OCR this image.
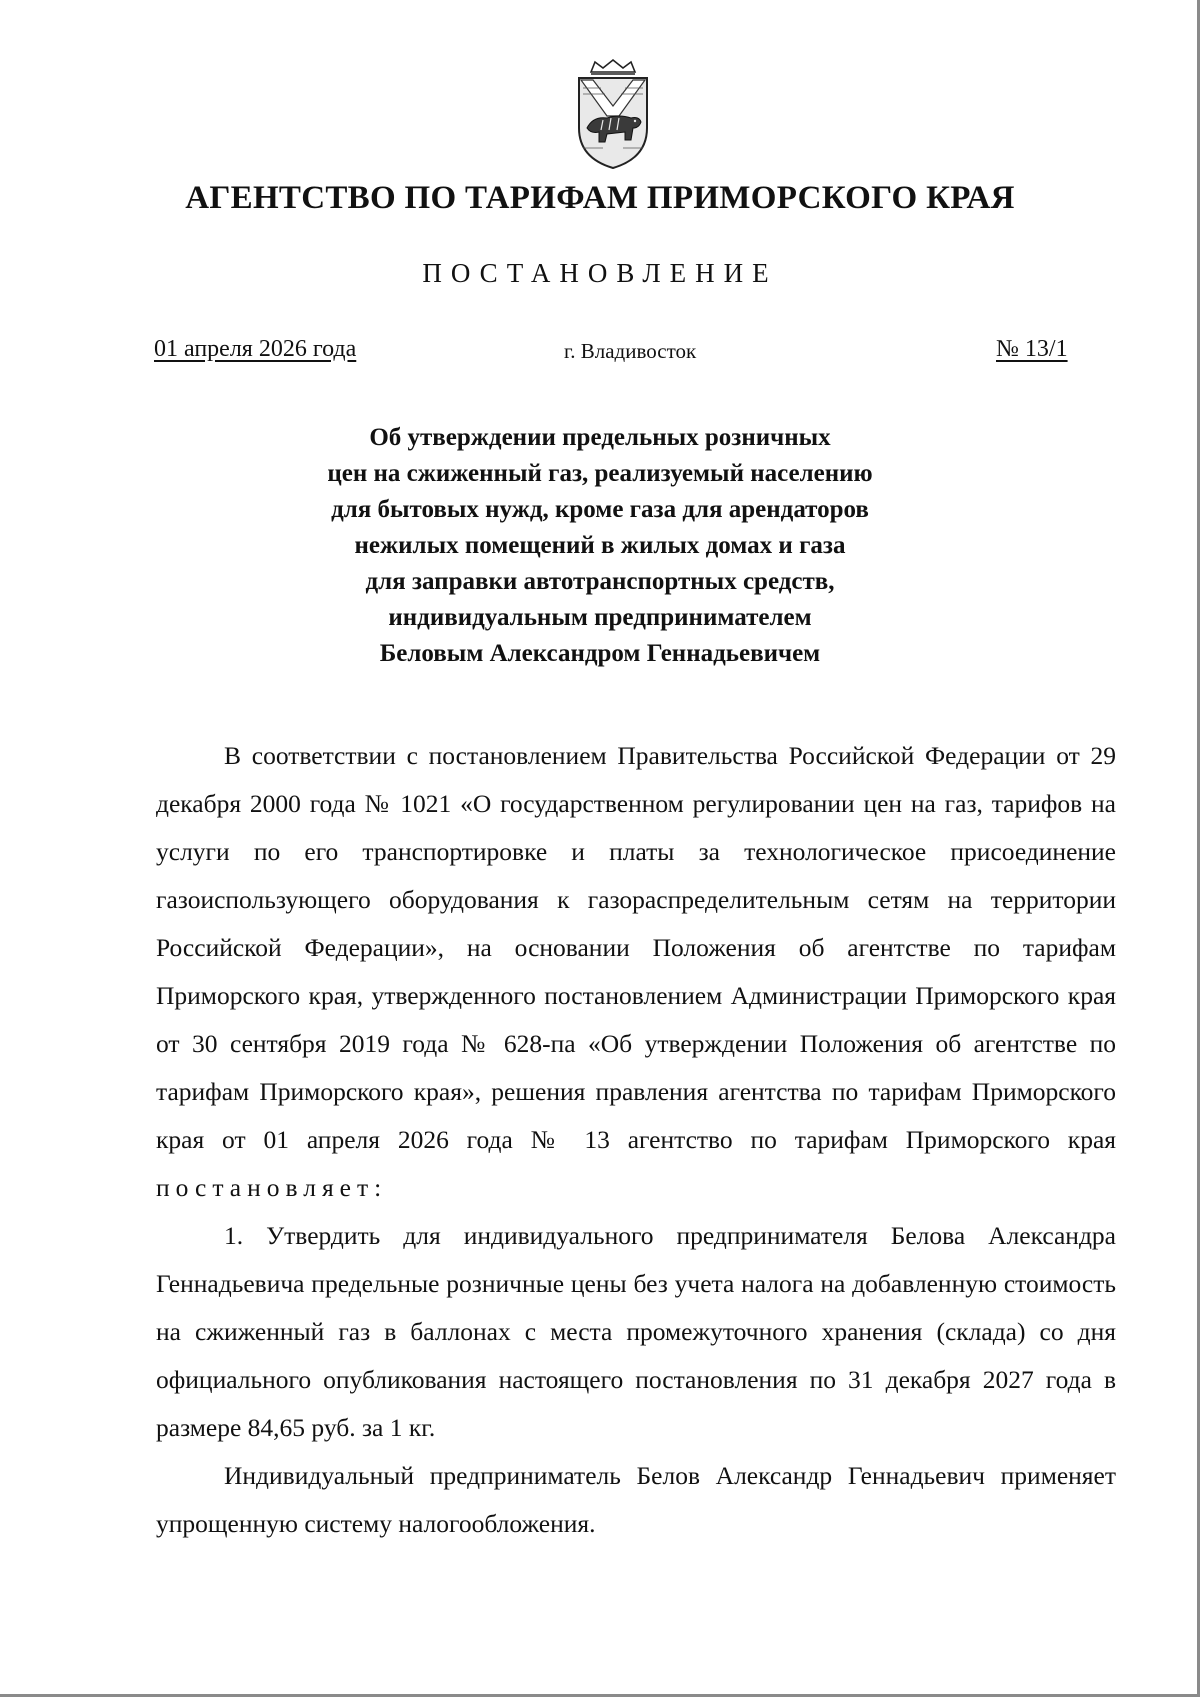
АГЕНТСТВО ПО ТАРИФАМ ПРИМОРСКОГО КРАЯ
ПОСТАНОВЛЕНИЕ
01 апреля 2026 года	г. Владивосток	№ 13/1
Об утверждении предельных розничных
цен на сжиженный газ, реализуемый населению
для бытовых нужд, кроме газа для арендаторов
нежилых помещений в жилых домах и газа
для заправки автотранспортных средств,
индивидуальным предпринимателем
Беловым Александром Геннадьевичем

В соответствии с постановлением Правительства Российской Федерации от 29 декабря 2000 года № 1021 «О государственном регулировании цен на газ, тарифов на услуги по его транспортировке и платы за технологическое присоединение газоиспользующего оборудования к газораспределительным сетям на территории Российской Федерации», на основании Положения об агентстве по тарифам Приморского края, утвержденного постановлением Администрации Приморского края от 30 сентября 2019 года № 628-па «Об утверждении Положения об агентстве по тарифам Приморского края», решения правления агентства по тарифам Приморского края от 01 апреля 2026 года № 13 агентство по тарифам Приморского края постановляет:

1. Утвердить для индивидуального предпринимателя Белова Александра Геннадьевича предельные розничные цены без учета налога на добавленную стоимость на сжиженный газ в баллонах с места промежуточного хранения (склада) со дня официального опубликования настоящего постановления по 31 декабря 2027 года в размере 84,65 руб. за 1 кг.

Индивидуальный предприниматель Белов Александр Геннадьевич применяет упрощенную систему налогообложения.
